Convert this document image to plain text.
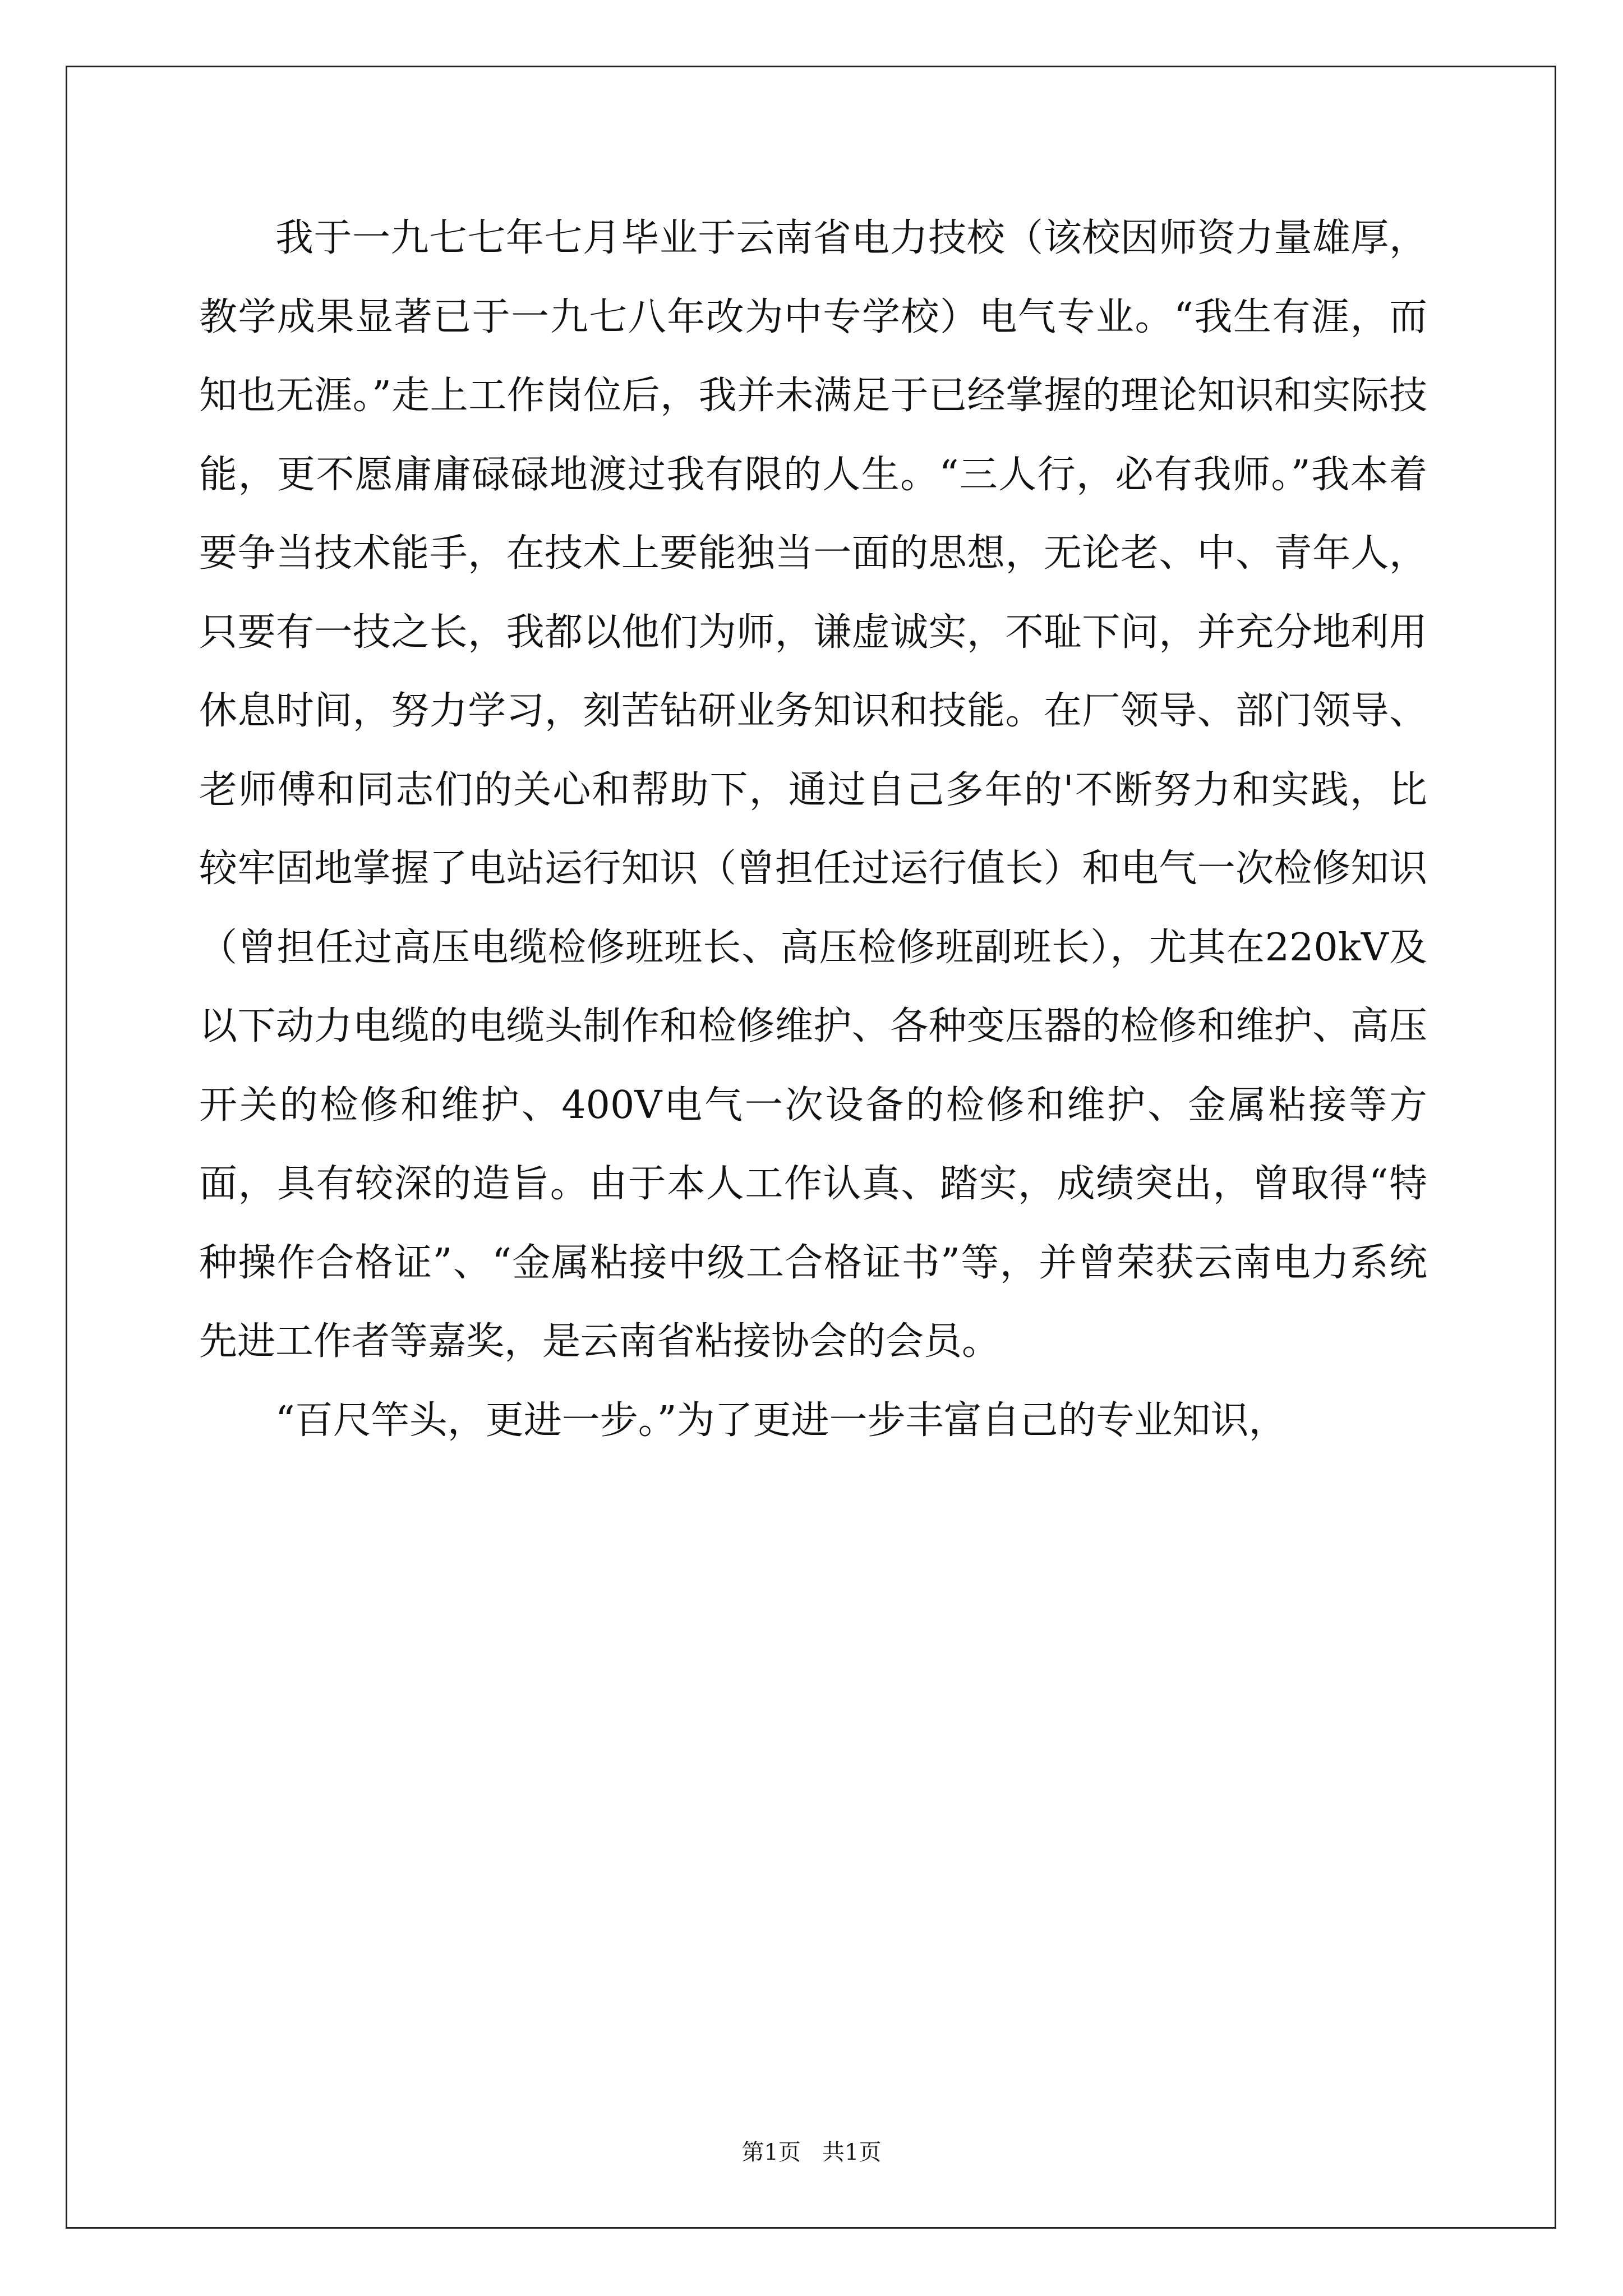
我于一九七七年七月毕业于云南省电力技校（该校因师资力量雄厚，教学成果显著已于一九七八年改为中专学校）电气专业。“我生有涯，而知也无涯。”走上工作岗位后，我并未满足于已经掌握的理论知识和实际技能，更不愿庸庸碌碌地渡过我有限的人生。“三人行，必有我师。”我本着要争当技术能手，在技术上要能独当一面的思想，无论老、中、青年人，只要有一技之长，我都以他们为师，谦虚诚实，不耻下问，并充分地利用休息时间，努力学习，刻苦钻研业务知识和技能。在厂领导、部门领导、老师傅和同志们的关心和帮助下，通过自己多年的'不断努力和实践，比较牢固地掌握了电站运行知识（曾担任过运行值长）和电气一次检修知识（曾担任过高压电缆检修班班长、高压检修班副班长），尤其在220kV及以下动力电缆的电缆头制作和检修维护、各种变压器的检修和维护、高压开关的检修和维护、400V电气一次设备的检修和维护、金属粘接等方面，具有较深的造旨。由于本人工作认真、踏实，成绩突出，曾取得“特种操作合格证”、“金属粘接中级工合格证书”等，并曾荣获云南电力系统先进工作者等嘉奖，是云南省粘接协会的会员。

“百尺竿头，更进一步。”为了更进一步丰富自己的专业知识，

第1页   共1页
